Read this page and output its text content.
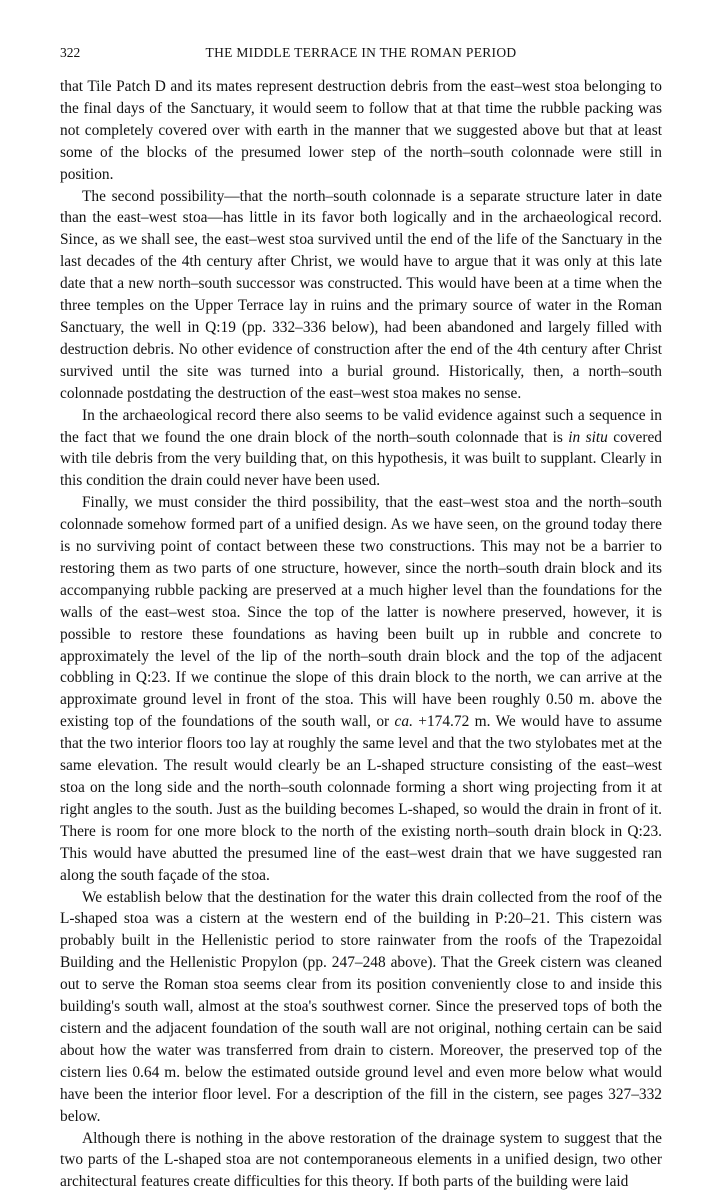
322	THE MIDDLE TERRACE IN THE ROMAN PERIOD

that Tile Patch D and its mates represent destruction debris from the east–west stoa belonging to the final days of the Sanctuary, it would seem to follow that at that time the rubble packing was not completely covered over with earth in the manner that we suggested above but that at least some of the blocks of the presumed lower step of the north–south colonnade were still in position.

The second possibility—that the north–south colonnade is a separate structure later in date than the east–west stoa—has little in its favor both logically and in the archaeological record. Since, as we shall see, the east–west stoa survived until the end of the life of the Sanctuary in the last decades of the 4th century after Christ, we would have to argue that it was only at this late date that a new north–south successor was constructed. This would have been at a time when the three temples on the Upper Terrace lay in ruins and the primary source of water in the Roman Sanctuary, the well in Q:19 (pp. 332–336 below), had been abandoned and largely filled with destruction debris. No other evidence of construction after the end of the 4th century after Christ survived until the site was turned into a burial ground. Historically, then, a north–south colonnade postdating the destruction of the east–west stoa makes no sense.

In the archaeological record there also seems to be valid evidence against such a sequence in the fact that we found the one drain block of the north–south colonnade that is in situ covered with tile debris from the very building that, on this hypothesis, it was built to supplant. Clearly in this condition the drain could never have been used.

Finally, we must consider the third possibility, that the east–west stoa and the north–south colonnade somehow formed part of a unified design. As we have seen, on the ground today there is no surviving point of contact between these two constructions. This may not be a barrier to restoring them as two parts of one structure, however, since the north–south drain block and its accompanying rubble packing are preserved at a much higher level than the foundations for the walls of the east–west stoa. Since the top of the latter is nowhere preserved, however, it is possible to restore these foundations as having been built up in rubble and concrete to approximately the level of the lip of the north–south drain block and the top of the adjacent cobbling in Q:23. If we continue the slope of this drain block to the north, we can arrive at the approximate ground level in front of the stoa. This will have been roughly 0.50 m. above the existing top of the foundations of the south wall, or ca. +174.72 m. We would have to assume that the two interior floors too lay at roughly the same level and that the two stylobates met at the same elevation. The result would clearly be an L-shaped structure consisting of the east–west stoa on the long side and the north–south colonnade forming a short wing projecting from it at right angles to the south. Just as the building becomes L-shaped, so would the drain in front of it. There is room for one more block to the north of the existing north–south drain block in Q:23. This would have abutted the presumed line of the east–west drain that we have suggested ran along the south façade of the stoa.

We establish below that the destination for the water this drain collected from the roof of the L-shaped stoa was a cistern at the western end of the building in P:20–21. This cistern was probably built in the Hellenistic period to store rainwater from the roofs of the Trapezoidal Building and the Hellenistic Propylon (pp. 247–248 above). That the Greek cistern was cleaned out to serve the Roman stoa seems clear from its position conveniently close to and inside this building's south wall, almost at the stoa's southwest corner. Since the preserved tops of both the cistern and the adjacent foundation of the south wall are not original, nothing certain can be said about how the water was transferred from drain to cistern. Moreover, the preserved top of the cistern lies 0.64 m. below the estimated outside ground level and even more below what would have been the interior floor level. For a description of the fill in the cistern, see pages 327–332 below.

Although there is nothing in the above restoration of the drainage system to suggest that the two parts of the L-shaped stoa are not contemporaneous elements in a unified design, two other architectural features create difficulties for this theory. If both parts of the building were laid
